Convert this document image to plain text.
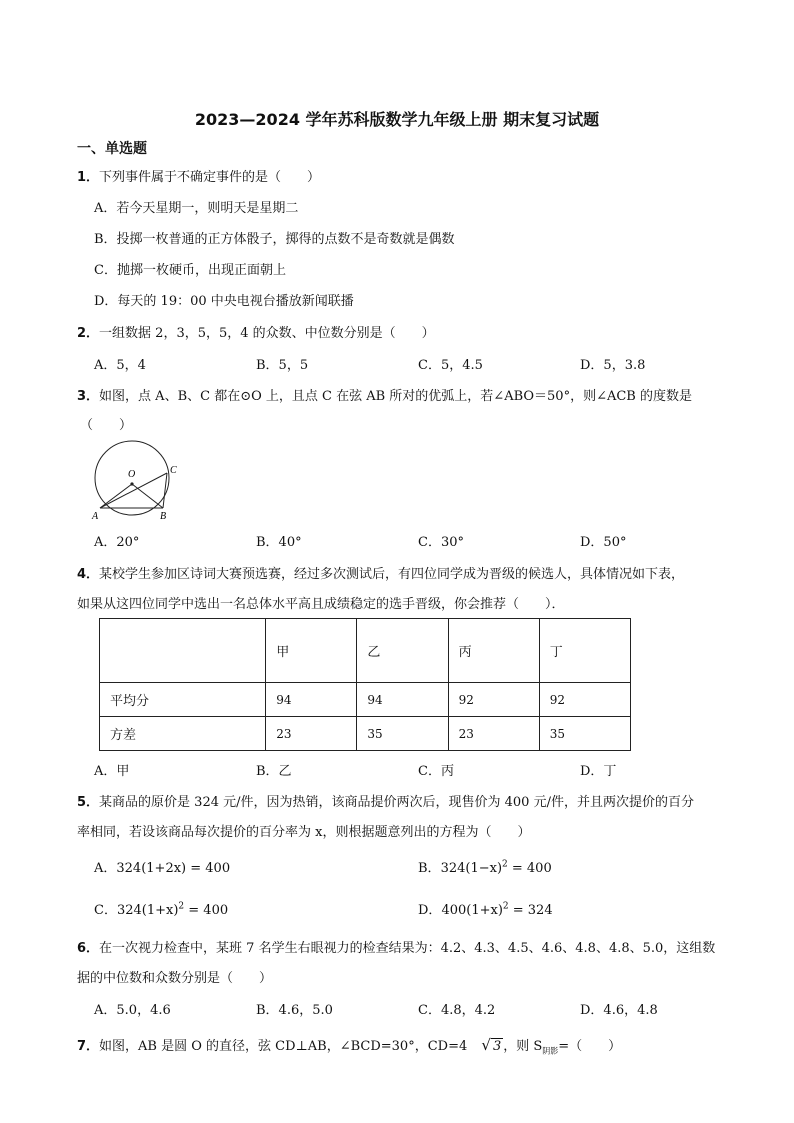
2023—2024 学年苏科版数学九年级上册 期末复习试题
一、单选题
1．下列事件属于不确定事件的是（　　）
A．若今天星期一，则明天是星期二
B．投掷一枚普通的正方体骰子，掷得的点数不是奇数就是偶数
C．抛掷一枚硬币，出现正面朝上
D．每天的 19：00 中央电视台播放新闻联播
2．一组数据 2，3，5，5，4 的众数、中位数分别是（　　）
A．5，4	B．5，5	C．5，4.5	D．5，3.8
3．如图，点 A、B、C 都在⊙O 上，且点 C 在弦 AB 所对的优弧上，若∠ABO＝50°，则∠ACB 的度数是
（　　）
O
A	B
C
A．20°	B．40°	C．30°	D．50°
4．某校学生参加区诗词大赛预选赛，经过多次测试后，有四位同学成为晋级的候选人，具体情况如下表，
如果从这四位同学中选出一名总体水平高且成绩稳定的选手晋级，你会推荐（　　）．
	甲	乙	丙	丁
平均分	94	94	92	92
方差	23	35	23	35
A．甲	B．乙	C．丙	D．丁
5．某商品的原价是 324 元/件，因为热销，该商品提价两次后，现售价为 400 元/件，并且两次提价的百分
率相同，若设该商品每次提价的百分率为 x，则根据题意列出的方程为（　　）
A．324(1+2x) = 400	B．$324(1-x)^2 = 400$
C．$324(1+x)^2 = 400$	D．$400(1+x)^2 = 324$
6．在一次视力检查中，某班 7 名学生右眼视力的检查结果为：4.2、4.3、4.5、4.6、4.8、4.8、5.0，这组数
据的中位数和众数分别是（　　）
A．5.0，4.6	B．4.6，5.0	C．4.8，4.2	D．4.6，4.8
7．如图，AB 是圆 O 的直径，弦 CD⊥AB，∠BCD=30°，CD=4 √ 3 ，则 $S_{阴影}=$（　　）
